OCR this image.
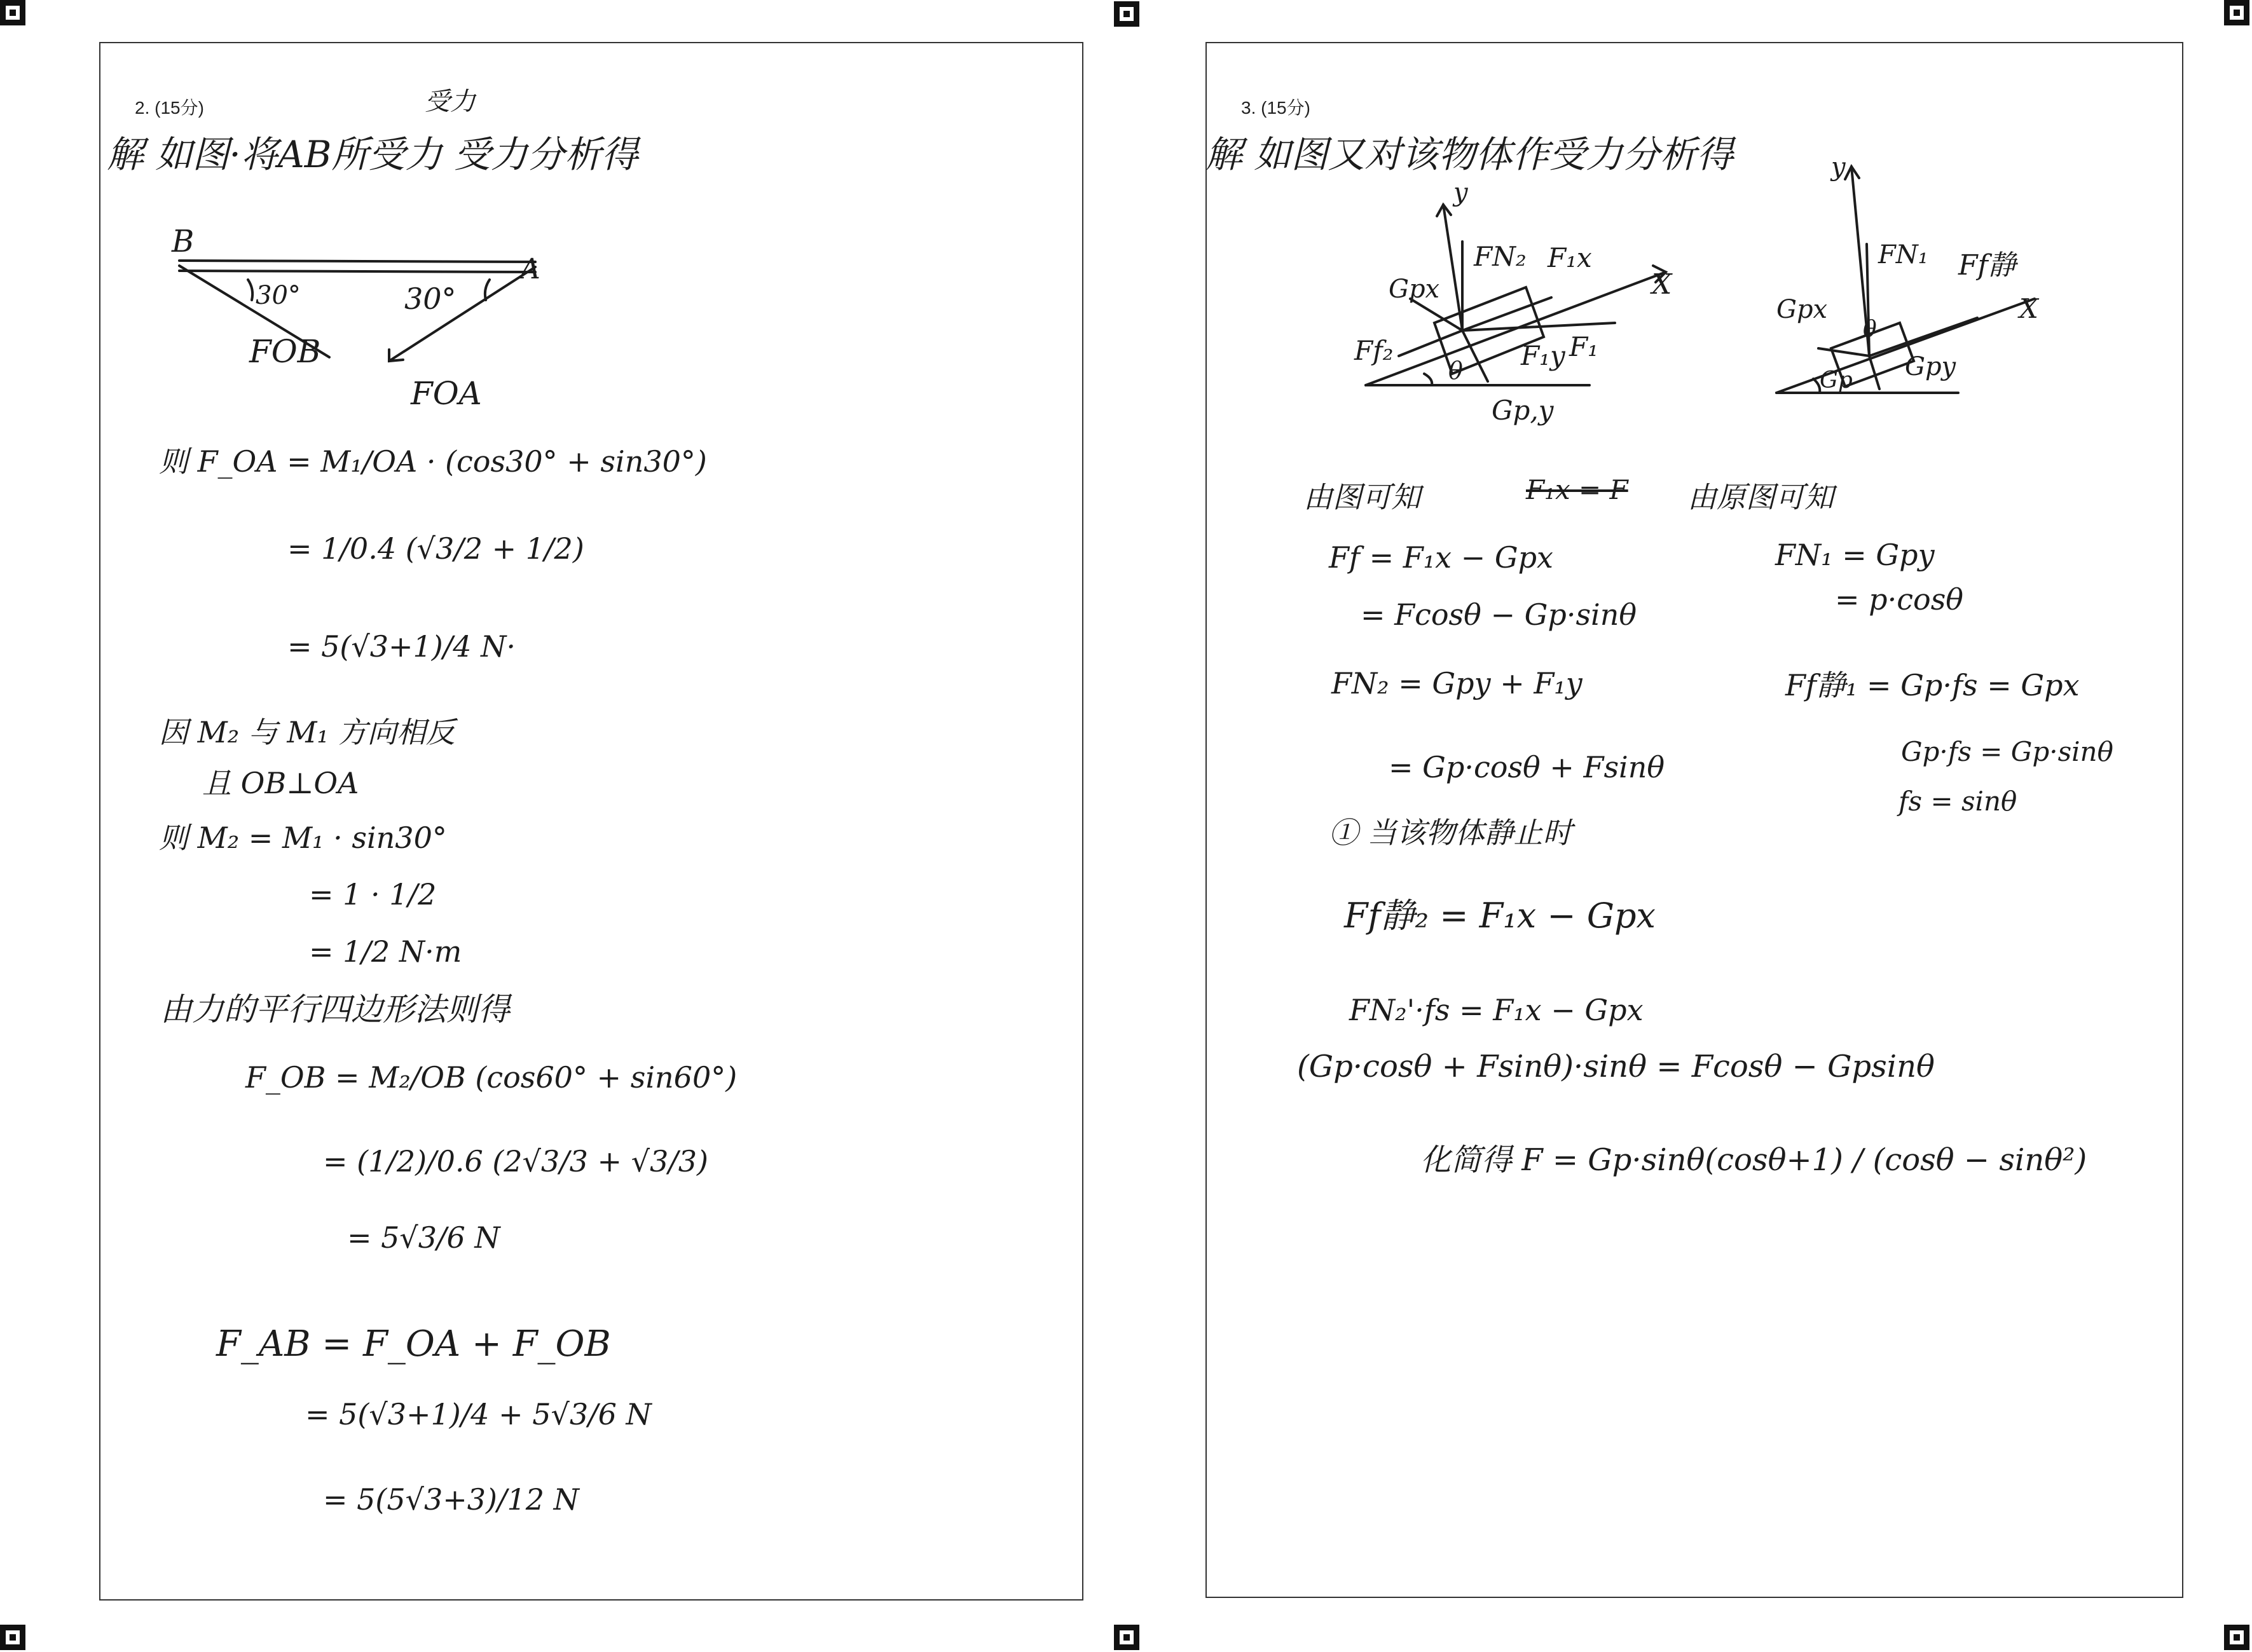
2. (15分)	受力
解 如图·将AB所受力 受力分析得
B
A
30°	30°
FOB
FOA
则 F_OA = M₁/OA · (cos30° + sin30°)
= 1/0.4 (√3/2 + 1/2)
= 5(√3+1)/4 N·
因 M₂ 与 M₁ 方向相反
且 OB⊥OA
则 M₂ = M₁ · sin30°
= 1 · 1/2
= 1/2 N·m
由力的平行四边形法则得
F_OB = M₂/OB (cos60° + sin60°)
= (1/2)/0.6 (2√3/3 + √3/3)
= 5√3/6 N
F_AB = F_OA + F_OB
= 5(√3+1)/4 + 5√3/6 N
= 5(5√3+3)/12 N
3. (15分)
解 如图又对该物体作受力分析得
y
X
FN₂ F₁x
Gpx
F₁
F₁y
Ff₂
θ
Gp,y
y
X
FN₁ Ff静
Gpx
θ
Gp Gpy
由图可知	F₁x = F 由原图可知
Ff = F₁x − Gpx
= Fcosθ − Gp·sinθ
FN₂ = Gpy + F₁y
= Gp·cosθ + Fsinθ
FN₁ = Gpy
= p·cosθ
Ff静₁ = Gp·fs = Gpx
Gp·fs = Gp·sinθ
fs = sinθ
① 当该物体静止时
Ff静₂ = F₁x − Gpx
FN₂'·fs = F₁x − Gpx
(Gp·cosθ + Fsinθ)·sinθ = Fcosθ − Gpsinθ
化简得 F = Gp·sinθ(cosθ+1) / (cosθ − sinθ²)
